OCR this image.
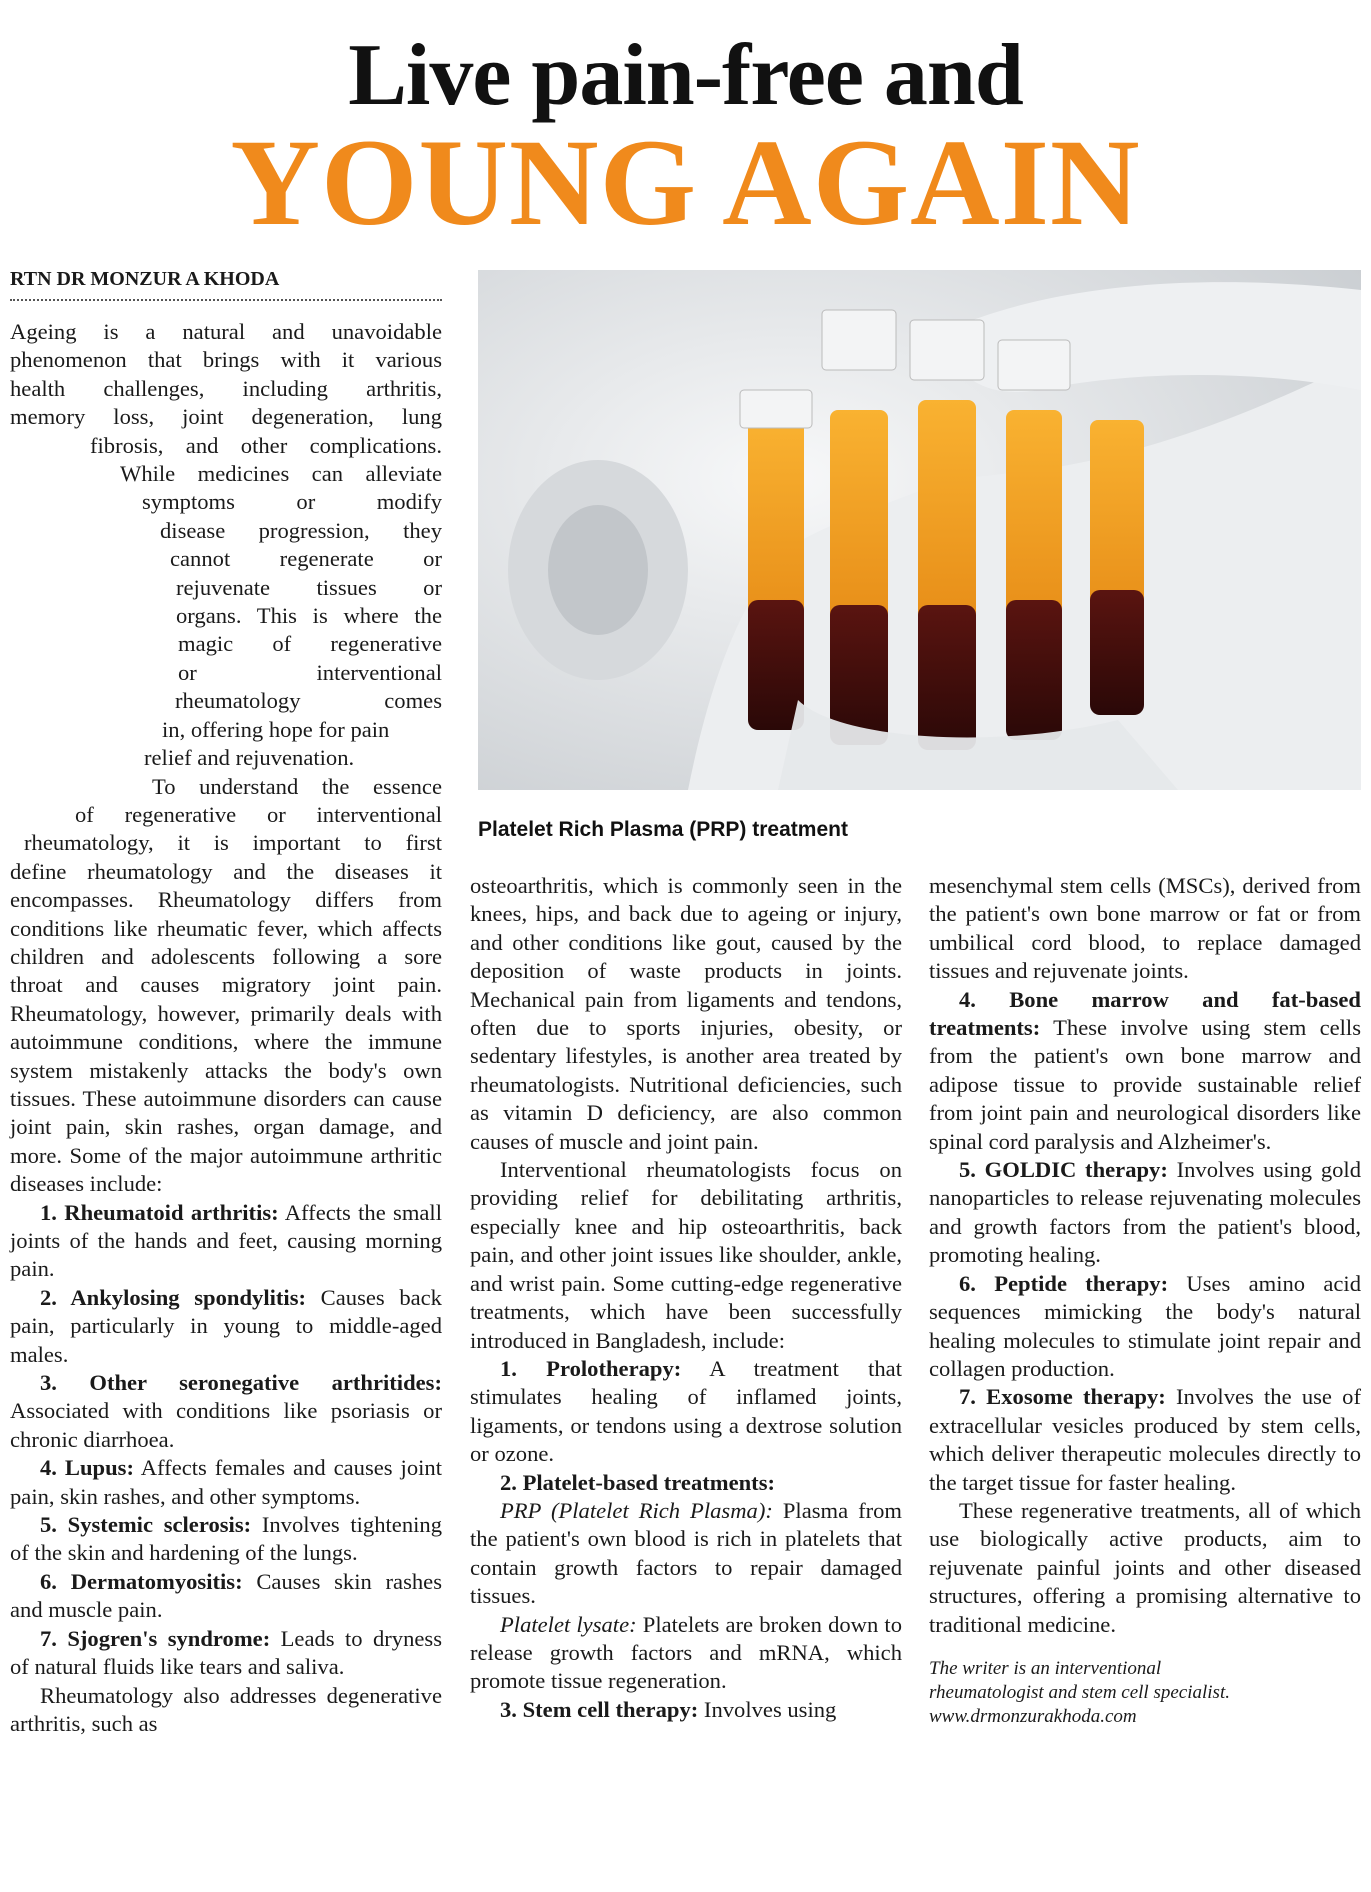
Live pain-free and
YOUNG AGAIN
RTN DR MONZUR A KHODA
Platelet Rich Plasma (PRP) treatment
Ageing is a natural and unavoidable
phenomenon that brings with it various
health challenges, including arthritis,
memory loss, joint degeneration, lung
fibrosis, and other complications.
While medicines can alleviate
symptoms or modify
disease progression, they
cannot regenerate or
rejuvenate tissues or
organs. This is where the
magic of regenerative
or interventional
rheumatology comes
in, offering hope for pain
relief and rejuvenation.
To understand the essence
of regenerative or interventional
rheumatology, it is important to first

define rheumatology and the diseases it encompasses. Rheumatology differs from conditions like rheumatic fever, which affects children and adolescents following a sore throat and causes migratory joint pain. Rheumatology, however, primarily deals with autoimmune conditions, where the immune system mistakenly attacks the body's own tissues. These autoimmune disorders can cause joint pain, skin rashes, organ damage, and more. Some of the major autoimmune arthritic diseases include:

1. Rheumatoid arthritis: Affects the small joints of the hands and feet, causing morning pain.

2. Ankylosing spondylitis: Causes back pain, particularly in young to middle-aged males.

3. Other seronegative arthritides: Associated with conditions like psoriasis or chronic diarrhoea.

4. Lupus: Affects females and causes joint pain, skin rashes, and other symptoms.

5. Systemic sclerosis: Involves tightening of the skin and hardening of the lungs.

6. Dermatomyositis: Causes skin rashes and muscle pain.

7. Sjogren's syndrome: Leads to dryness of natural fluids like tears and saliva.

Rheumatology also addresses degenerative arthritis, such as

osteoarthritis, which is commonly seen in the knees, hips, and back due to ageing or injury, and other conditions like gout, caused by the deposition of waste products in joints. Mechanical pain from ligaments and tendons, often due to sports injuries, obesity, or sedentary lifestyles, is another area treated by rheumatologists. Nutritional deficiencies, such as vitamin D deficiency, are also common causes of muscle and joint pain.

Interventional rheumatologists focus on providing relief for debilitating arthritis, especially knee and hip osteoarthritis, back pain, and other joint issues like shoulder, ankle, and wrist pain. Some cutting-edge regenerative treatments, which have been successfully introduced in Bangladesh, include:

1. Prolotherapy: A treatment that stimulates healing of inflamed joints, ligaments, or tendons using a dextrose solution or ozone.

2. Platelet-based treatments:

PRP (Platelet Rich Plasma): Plasma from the patient's own blood is rich in platelets that contain growth factors to repair damaged tissues.

Platelet lysate: Platelets are broken down to release growth factors and mRNA, which promote tissue regeneration.

3. Stem cell therapy: Involves using

mesenchymal stem cells (MSCs), derived from the patient's own bone marrow or fat or from umbilical cord blood, to replace damaged tissues and rejuvenate joints.

4. Bone marrow and fat-based treatments: These involve using stem cells from the patient's own bone marrow and adipose tissue to provide sustainable relief from joint pain and neurological disorders like spinal cord paralysis and Alzheimer's.

5. GOLDIC therapy: Involves using gold nanoparticles to release rejuvenating molecules and growth factors from the patient's blood, promoting healing.

6. Peptide therapy: Uses amino acid sequences mimicking the body's natural healing molecules to stimulate joint repair and collagen production.

7. Exosome therapy: Involves the use of extracellular vesicles produced by stem cells, which deliver therapeutic molecules directly to the target tissue for faster healing.

These regenerative treatments, all of which use biologically active products, aim to rejuvenate painful joints and other diseased structures, offering a promising alternative to traditional medicine.

The writer is an interventional
rheumatologist and stem cell specialist.
www.drmonzurakhoda.com
